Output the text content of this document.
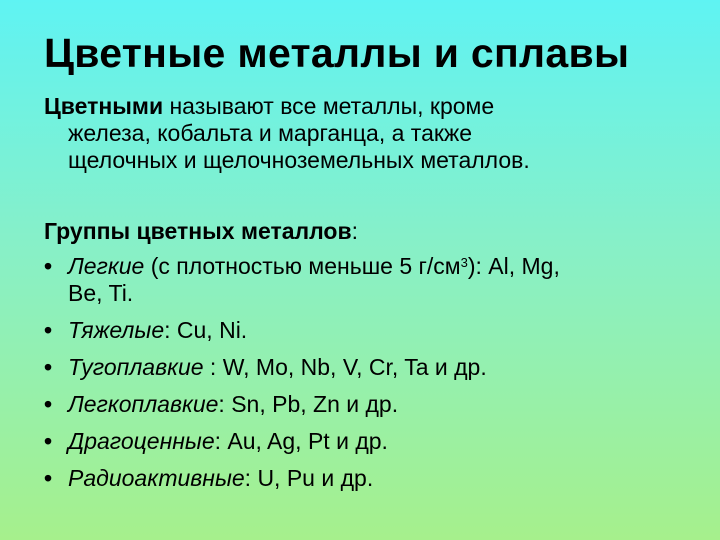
Цветные металлы и сплавы
Цветными называют все металлы, кроме
железа, кобальта и марганца, а также
щелочных и щелочноземельных металлов.
Группы цветных металлов:
• Легкие (с плотностью меньше 5 $г/см^3$): Al, Mg,
Be, Ti.
• Тяжелые: Cu, Ni.
• Тугоплавкие : W, Mo, Nb, V, Cr, Ta и др.
• Легкоплавкие: Sn, Pb, Zn и др.
• Драгоценные: Au, Ag, Pt и др.
• Радиоактивные: U, Pu и др.
